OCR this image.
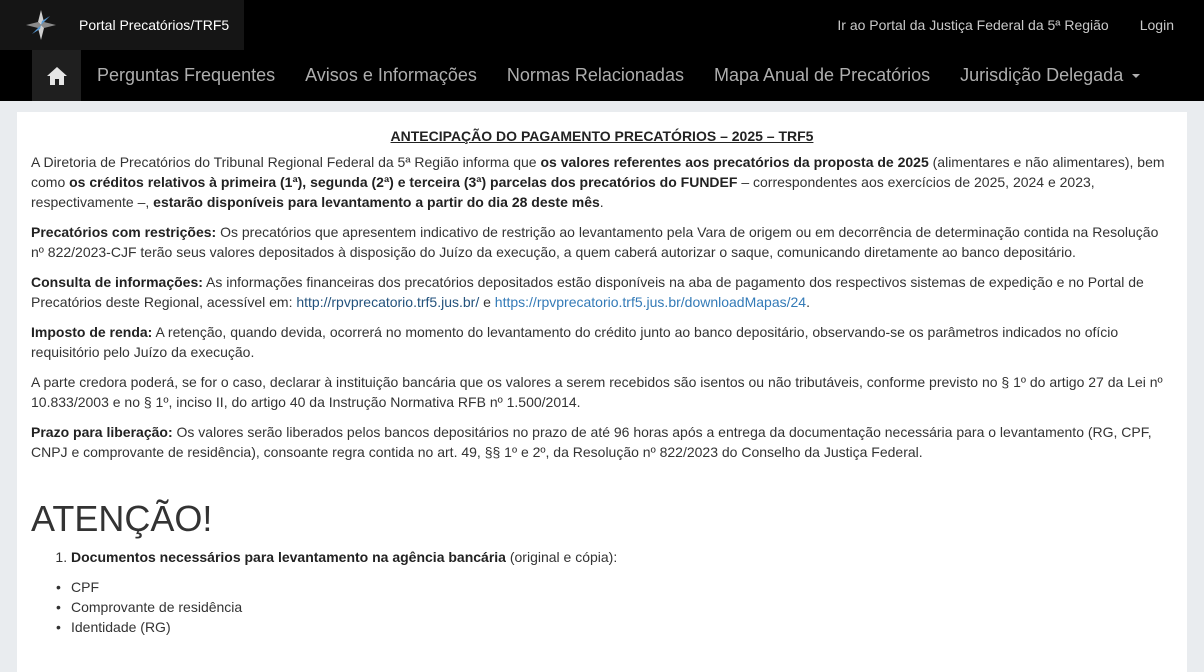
Portal Precatórios/TRF5	Ir ao Portal da Justiça Federal da 5ª Região Login
Perguntas Frequentes	Avisos e Informações	Normas Relacionadas	Mapa Anual de Precatórios	Jurisdição Delegada
ANTECIPAÇÃO DO PAGAMENTO PRECATÓRIOS – 2025 – TRF5

A Diretoria de Precatórios do Tribunal Regional Federal da 5ª Região informa que os valores referentes aos precatórios da proposta de 2025 (alimentares e não alimentares), bem como os créditos relativos à primeira (1ª), segunda (2ª) e terceira (3ª) parcelas dos precatórios do FUNDEF – correspondentes aos exercícios de 2025, 2024 e 2023, respectivamente –, estarão disponíveis para levantamento a partir do dia 28 deste mês.

Precatórios com restrições: Os precatórios que apresentem indicativo de restrição ao levantamento pela Vara de origem ou em decorrência de determinação contida na Resolução nº 822/2023-CJF terão seus valores depositados à disposição do Juízo da execução, a quem caberá autorizar o saque, comunicando diretamente ao banco depositário.

Consulta de informações: As informações financeiras dos precatórios depositados estão disponíveis na aba de pagamento dos respectivos sistemas de expedição e no Portal de Precatórios deste Regional, acessível em: http://rpvprecatorio.trf5.jus.br/ e https://rpvprecatorio.trf5.jus.br/downloadMapas/24.

Imposto de renda: A retenção, quando devida, ocorrerá no momento do levantamento do crédito junto ao banco depositário, observando-se os parâmetros indicados no ofício requisitório pelo Juízo da execução.

A parte credora poderá, se for o caso, declarar à instituição bancária que os valores a serem recebidos são isentos ou não tributáveis, conforme previsto no § 1º do artigo 27 da Lei nº 10.833/2003 e no § 1º, inciso II, do artigo 40 da Instrução Normativa RFB nº 1.500/2014.

Prazo para liberação: Os valores serão liberados pelos bancos depositários no prazo de até 96 horas após a entrega da documentação necessária para o levantamento (RG, CPF, CNPJ e comprovante de residência), consoante regra contida no art. 49, §§ 1º e 2º, da Resolução nº 822/2023 do Conselho da Justiça Federal.

ATENÇÃO!
1. Documentos necessários para levantamento na agência bancária (original e cópia):
• CPF
• Comprovante de residência
• Identidade (RG)
